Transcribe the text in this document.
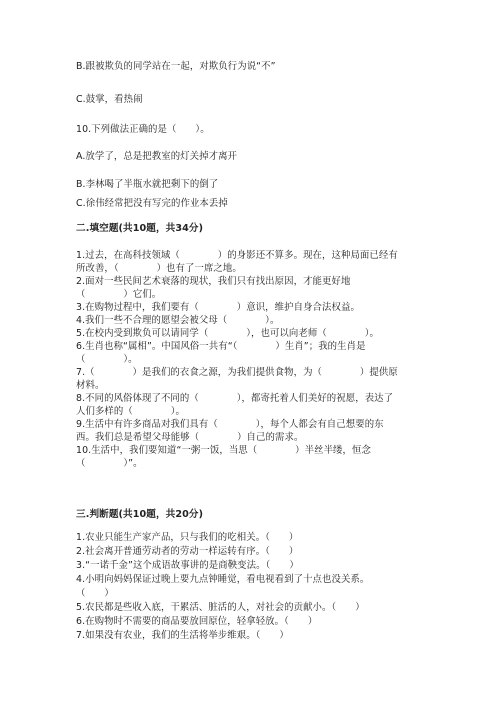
B.跟被欺负的同学站在一起，对欺负行为说“不”
C.鼓掌，看热闹
10.下列做法正确的是（　　）。
A.放学了，总是把教室的灯关掉才离开
B.李林喝了半瓶水就把剩下的倒了
C.徐伟经常把没有写完的作业本丢掉
二.填空题(共10题，共34分)
1.过去，在高科技领域（　　　　）的身影还不算多。现在，这种局面已经有
所改善，（　　　　）也有了一席之地。
2.面对一些民间艺术衰落的现状，我们只有找出原因，才能更好地
（　　　　）它们。
3.在购物过程中，我们要有（　　　　）意识，维护自身合法权益。
4.我们一些不合理的愿望会被父母（　　　　）。
5.在校内受到欺负可以请同学（　　　　），也可以向老师（　　　　）。
6.生肖也称“属相”。中国风俗一共有“（　　　　）生肖”；我的生肖是
（　　　　）。
7.（　　　　）是我们的衣食之源，为我们提供食物，为（　　　　）提供原
材料。
8.不同的风俗体现了不同的（　　　　），都寄托着人们美好的祝愿，表达了
人们多样的（　　　　）。
9.生活中有许多商品对我们具有（　　　　），每个人都会有自己想要的东
西。我们总是希望父母能够（　　　　）自己的需求。
10.生活中，我们要知道“一粥一饭，当思（　　　　）半丝半缕，恒念
（　　　　）”。
三.判断题(共10题，共20分)
1.农业只能生产家产品，只与我们的吃相关。（　　）
2.社会离开普通劳动者的劳动一样运转有序。（　　）
3.“一诺千金”这个成语故事讲的是商鞅变法。（　　）
4.小明向妈妈保证过晚上要九点钟睡觉，看电视看到了十点也没关系。
（　　）
5.农民都是些收入底，干累活、脏活的人，对社会的贡献小。（　　）
6.在购物时不需要的商品要放回原位，轻拿轻放。（　　）
7.如果没有农业，我们的生活将举步维艰。（　　）
